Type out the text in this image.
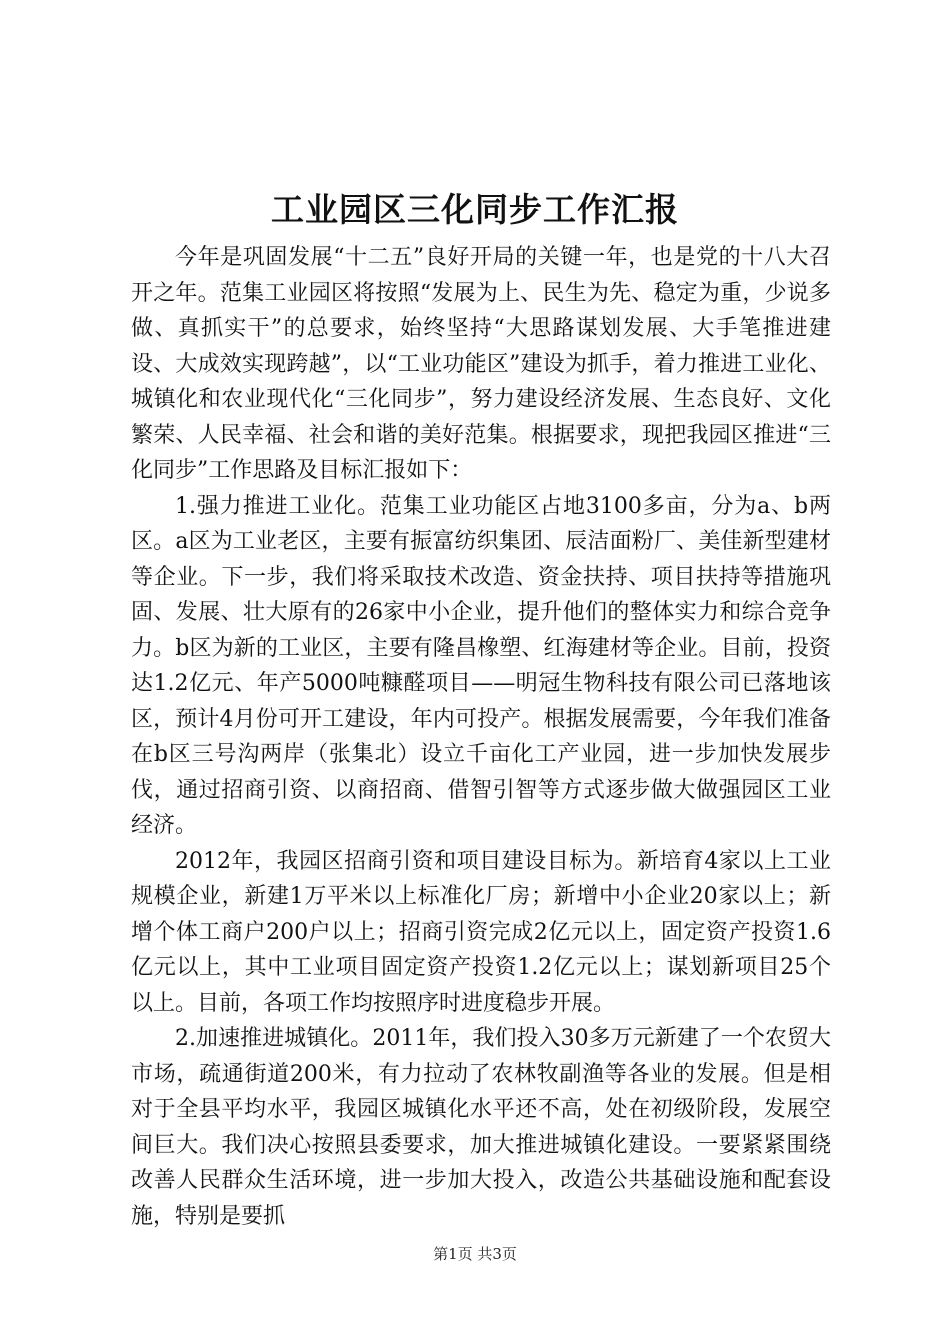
工业园区三化同步工作汇报

今年是巩固发展“十二五”良好开局的关键一年，也是党的十八大召开之年。范集工业园区将按照“发展为上、民生为先、稳定为重，少说多做、真抓实干”的总要求，始终坚持“大思路谋划发展、大手笔推进建设、大成效实现跨越”，以“工业功能区”建设为抓手，着力推进工业化、城镇化和农业现代化“三化同步”，努力建设经济发展、生态良好、文化繁荣、人民幸福、社会和谐的美好范集。根据要求，现把我园区推进“三化同步”工作思路及目标汇报如下：

1.强力推进工业化。范集工业功能区占地3100多亩，分为a、b两区。a区为工业老区，主要有振富纺织集团、辰洁面粉厂、美佳新型建材等企业。下一步，我们将采取技术改造、资金扶持、项目扶持等措施巩固、发展、壮大原有的26家中小企业，提升他们的整体实力和综合竞争力。b区为新的工业区，主要有隆昌橡塑、红海建材等企业。目前，投资达1.2亿元、年产5000吨糠醛项目——明冠生物科技有限公司已落地该区，预计4月份可开工建设，年内可投产。根据发展需要，今年我们准备在b区三号沟两岸（张集北）设立千亩化工产业园，进一步加快发展步伐，通过招商引资、以商招商、借智引智等方式逐步做大做强园区工业经济。

2012年，我园区招商引资和项目建设目标为。新培育4家以上工业规模企业，新建1万平米以上标准化厂房；新增中小企业20家以上；新增个体工商户200户以上；招商引资完成2亿元以上，固定资产投资1.6亿元以上，其中工业项目固定资产投资1.2亿元以上；谋划新项目25个以上。目前，各项工作均按照序时进度稳步开展。

2.加速推进城镇化。2011年，我们投入30多万元新建了一个农贸大市场，疏通街道200米，有力拉动了农林牧副渔等各业的发展。但是相对于全县平均水平，我园区城镇化水平还不高，处在初级阶段，发展空间巨大。我们决心按照县委要求，加大推进城镇化建设。一要紧紧围绕改善人民群众生活环境，进一步加大投入，改造公共基础设施和配套设施，特别是要抓

第1页 共3页
